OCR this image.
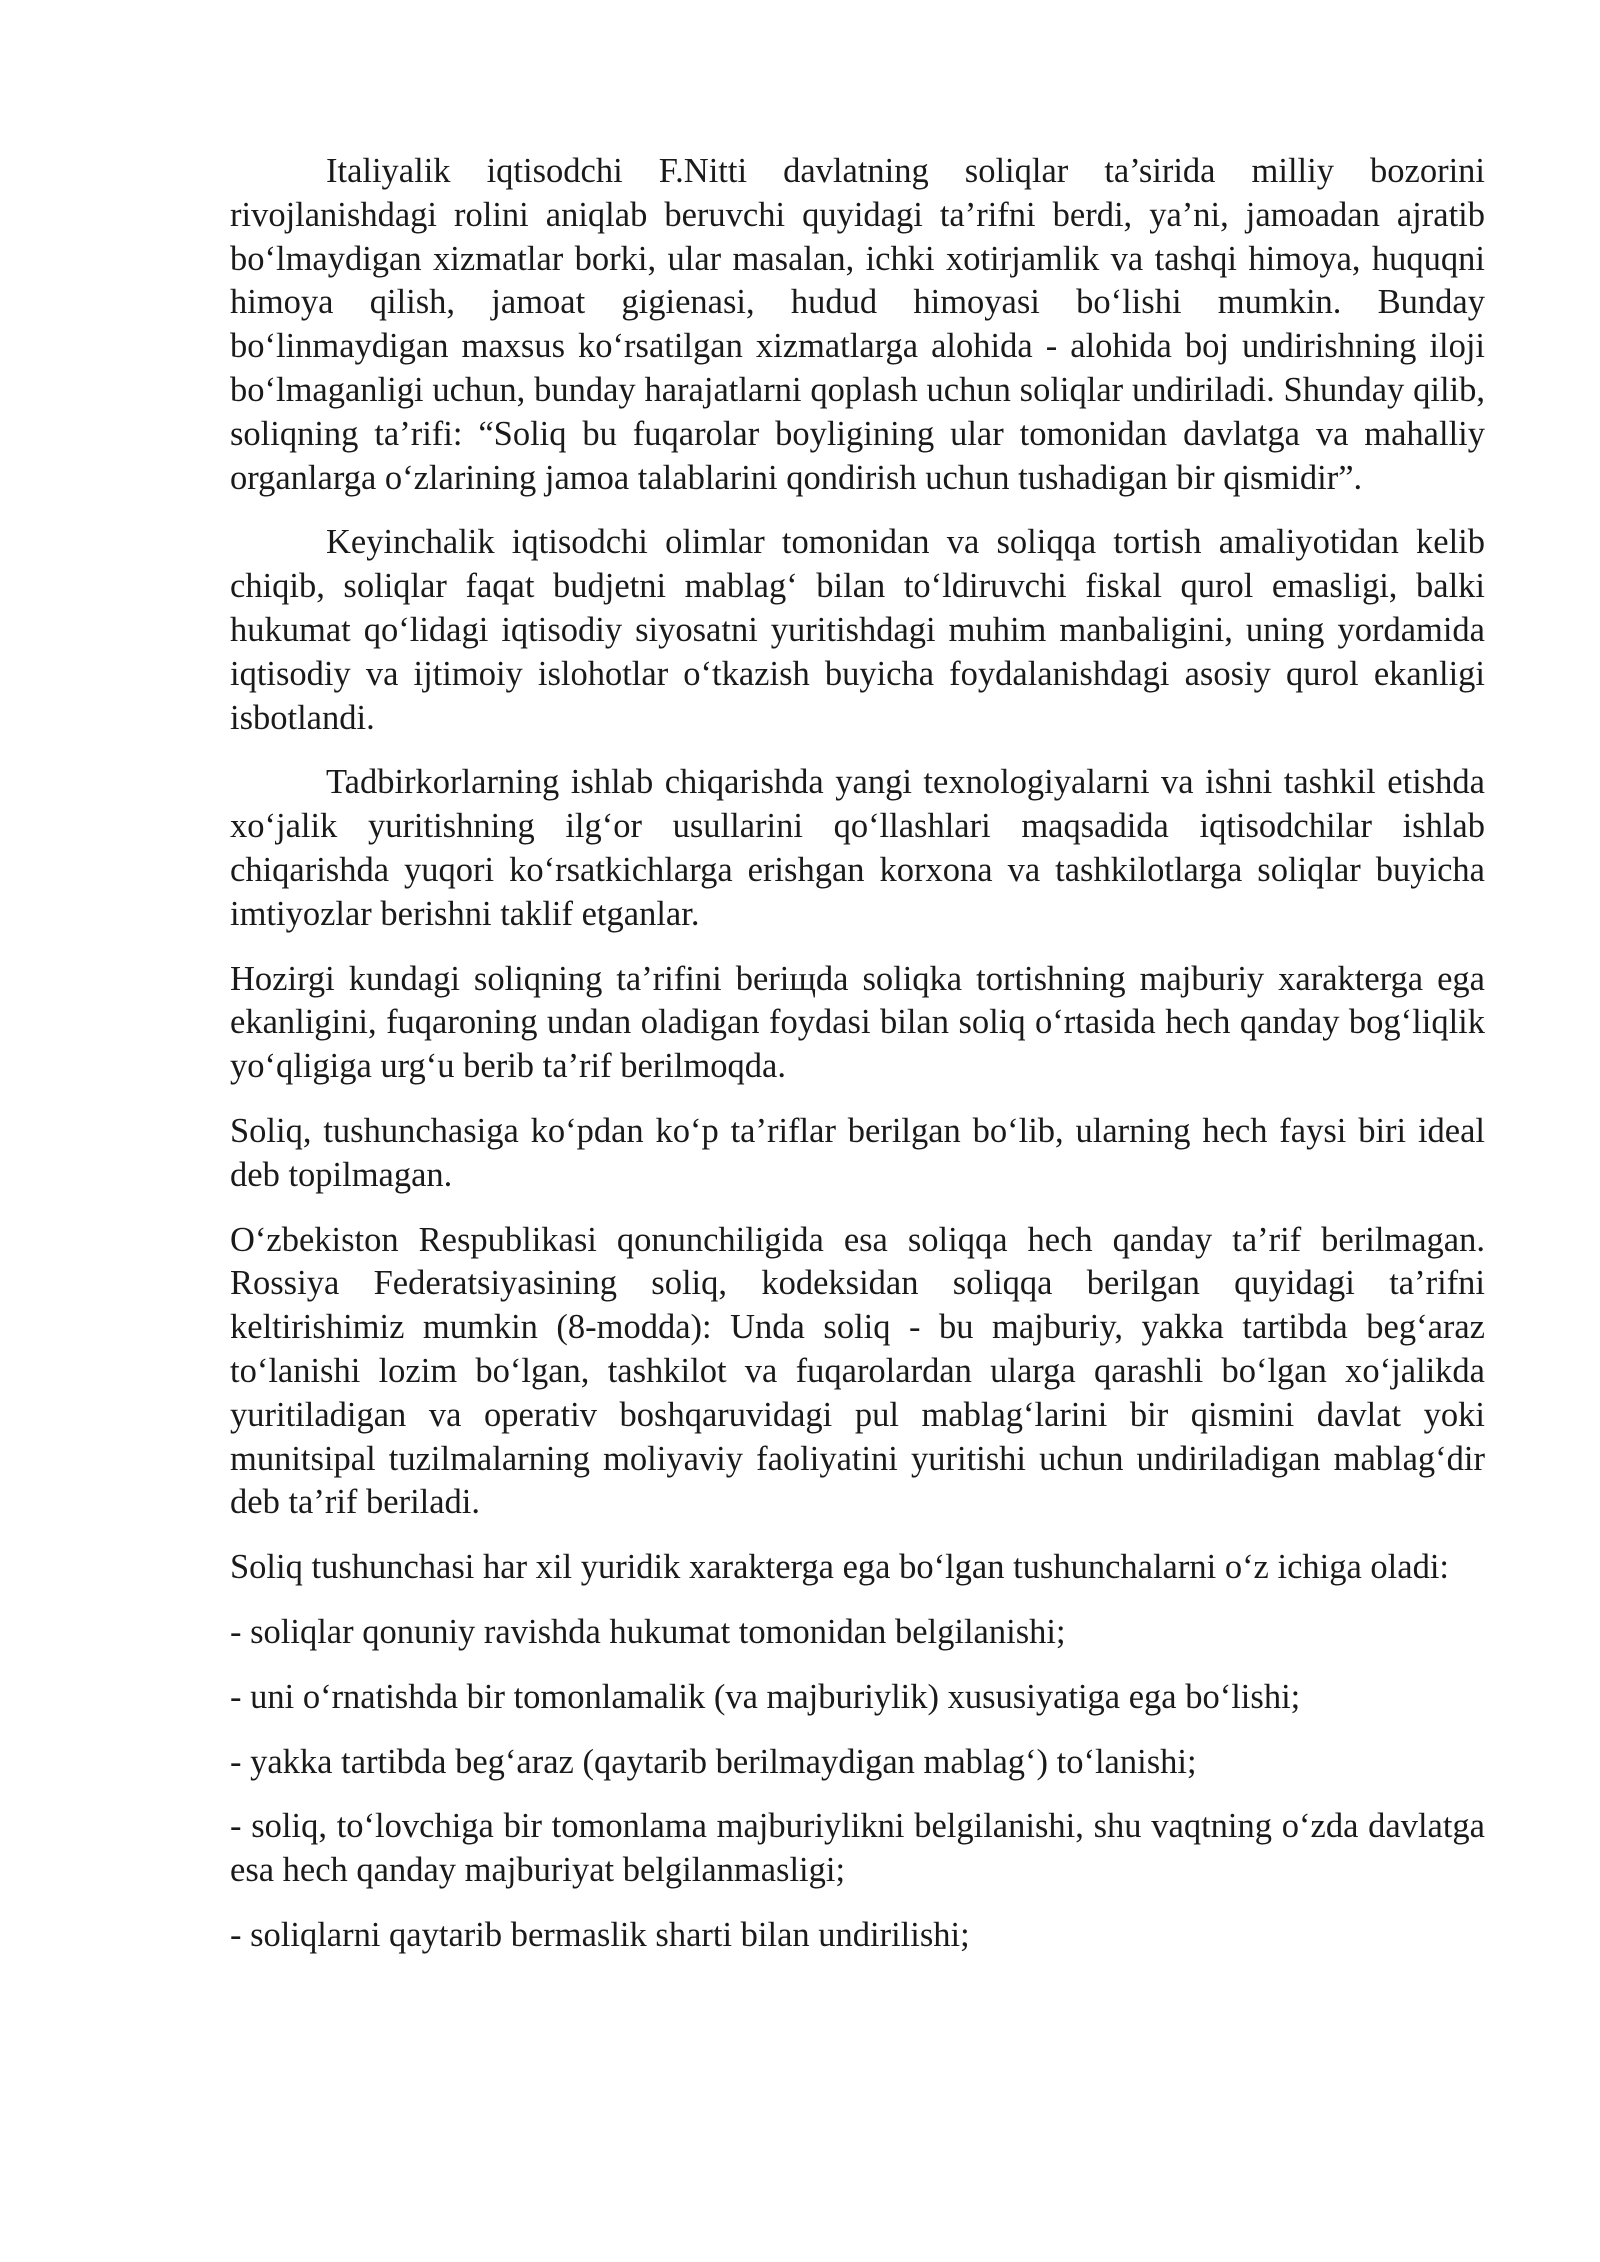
Italiyalik iqtisodchi F.Nitti davlatning soliqlar ta’sirida milliy bozorini rivojlanishdagi rolini aniqlab beruvchi quyidagi ta’rifni berdi, ya’ni, jamoadan ajratib bo‘lmaydigan xizmatlar borki, ular masalan, ichki xotirjamlik va tashqi himoya, huquqni himoya qilish, jamoat gigienasi, hudud himoyasi bo‘lishi mumkin. Bunday bo‘linmaydigan maxsus ko‘rsatilgan xizmatlarga alohida - alohida boj undirishning iloji bo‘lmaganligi uchun, bunday harajatlarni qoplash uchun soliqlar undiriladi. Shunday qilib, soliqning ta’rifi: “Soliq bu fuqarolar boyligining ular tomonidan davlatga va mahalliy organlarga o‘zlarining jamoa talablarini qondirish uchun tushadigan bir qismidir”.

Keyinchalik iqtisodchi olimlar tomonidan va soliqqa tortish amaliyotidan kelib chiqib, soliqlar faqat budjetni mablag‘ bilan to‘ldiruvchi fiskal qurol emasligi, balki hukumat qo‘lidagi iqtisodiy siyosatni yuritishdagi muhim manbaligini, uning yordamida iqtisodiy va ijtimoiy islohotlar o‘tkazish buyicha foydalanishdagi asosiy qurol ekanligi isbotlandi.

Tadbirkorlarning ishlab chiqarishda yangi texnologiyalarni va ishni tashkil etishda xo‘jalik yuritishning ilg‘or usullarini qo‘llashlari maqsadida iqtisodchilar ishlab chiqarishda yuqori ko‘rsatkichlarga erishgan korxona va tashkilotlarga soliqlar buyicha imtiyozlar berishni taklif etganlar.

Hozirgi kundagi soliqning ta’rifini beriщda soliqka tortishning majburiy xarakterga ega ekanligini, fuqaroning undan oladigan foydasi bilan soliq o‘rtasida hech qanday bog‘liqlik yo‘qligiga urg‘u berib ta’rif berilmoqda.

Soliq, tushunchasiga ko‘pdan ko‘p ta’riflar berilgan bo‘lib, ularning hech faysi biri ideal deb topilmagan.

O‘zbekiston Respublikasi qonunchiligida esa soliqqa hech qanday ta’rif berilmagan. Rossiya Federatsiyasining soliq, kodeksidan soliqqa berilgan quyidagi ta’rifni keltirishimiz mumkin (8-modda): Unda soliq - bu majburiy, yakka tartibda beg‘araz to‘lanishi lozim bo‘lgan, tashkilot va fuqarolardan ularga qarashli bo‘lgan xo‘jalikda yuritiladigan va operativ boshqaruvidagi pul mablag‘larini bir qismini davlat yoki munitsipal tuzilmalarning moliyaviy faoliyatini yuritishi uchun undiriladigan mablag‘dir deb ta’rif beriladi.

Soliq tushunchasi har xil yuridik xarakterga ega bo‘lgan tushunchalarni o‘z ichiga oladi:

- soliqlar qonuniy ravishda hukumat tomonidan belgilanishi;

- uni o‘rnatishda bir tomonlamalik (va majburiylik) xususiyatiga ega bo‘lishi;

- yakka tartibda beg‘araz (qaytarib berilmaydigan mablag‘) to‘lanishi;

- soliq, to‘lovchiga bir tomonlama majburiylikni belgilanishi, shu vaqtning o‘zda davlatga esa hech qanday majburiyat belgilanmasligi;

- soliqlarni qaytarib bermaslik sharti bilan undirilishi;
